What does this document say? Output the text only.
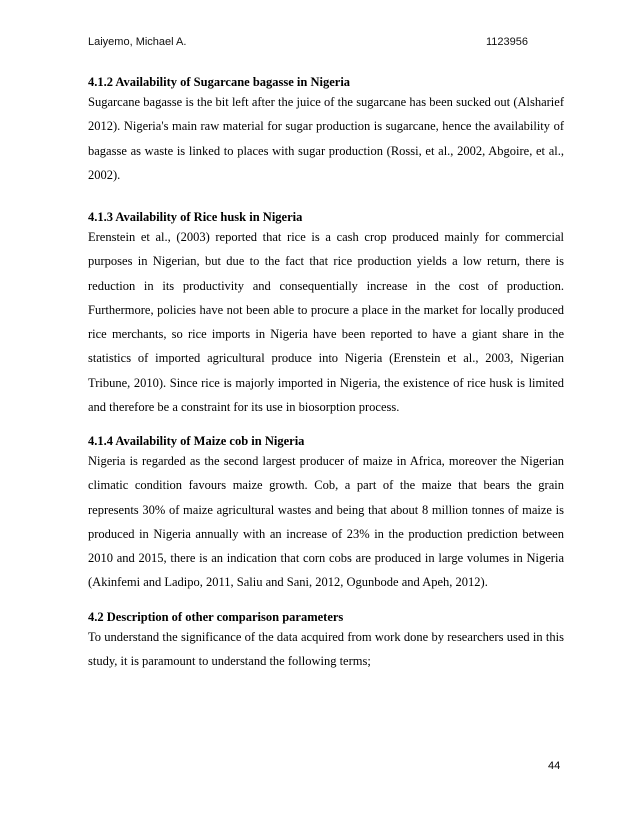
Laiyemo, Michael A.	1123956
4.1.2 Availability of Sugarcane bagasse in Nigeria

Sugarcane bagasse is the bit left after the juice of the sugarcane has been sucked out (Alsharief 2012). Nigeria's main raw material for sugar production is sugarcane, hence the availability of bagasse as waste is linked to places with sugar production (Rossi, et al., 2002, Abgoire, et al., 2002).

4.1.3 Availability of Rice husk in Nigeria

Erenstein et al., (2003) reported that rice is a cash crop produced mainly for commercial purposes in Nigerian, but due to the fact that rice production yields a low return, there is reduction in its productivity and consequentially increase in the cost of production. Furthermore, policies have not been able to procure a place in the market for locally produced rice merchants, so rice imports in Nigeria have been reported to have a giant share in the statistics of imported agricultural produce into Nigeria (Erenstein et al., 2003, Nigerian Tribune, 2010). Since rice is majorly imported in Nigeria, the existence of rice husk is limited and therefore be a constraint for its use in biosorption process.

4.1.4 Availability of Maize cob in Nigeria

Nigeria is regarded as the second largest producer of maize in Africa, moreover the Nigerian climatic condition favours maize growth. Cob, a part of the maize that bears the grain represents 30% of maize agricultural wastes and being that about 8 million tonnes of maize is produced in Nigeria annually with an increase of 23% in the production prediction between 2010 and 2015, there is an indication that corn cobs are produced in large volumes in Nigeria (Akinfemi and Ladipo, 2011, Saliu and Sani, 2012, Ogunbode and Apeh, 2012).

4.2 Description of other comparison parameters

To understand the significance of the data acquired from work done by researchers used in this study, it is paramount to understand the following terms;

44
